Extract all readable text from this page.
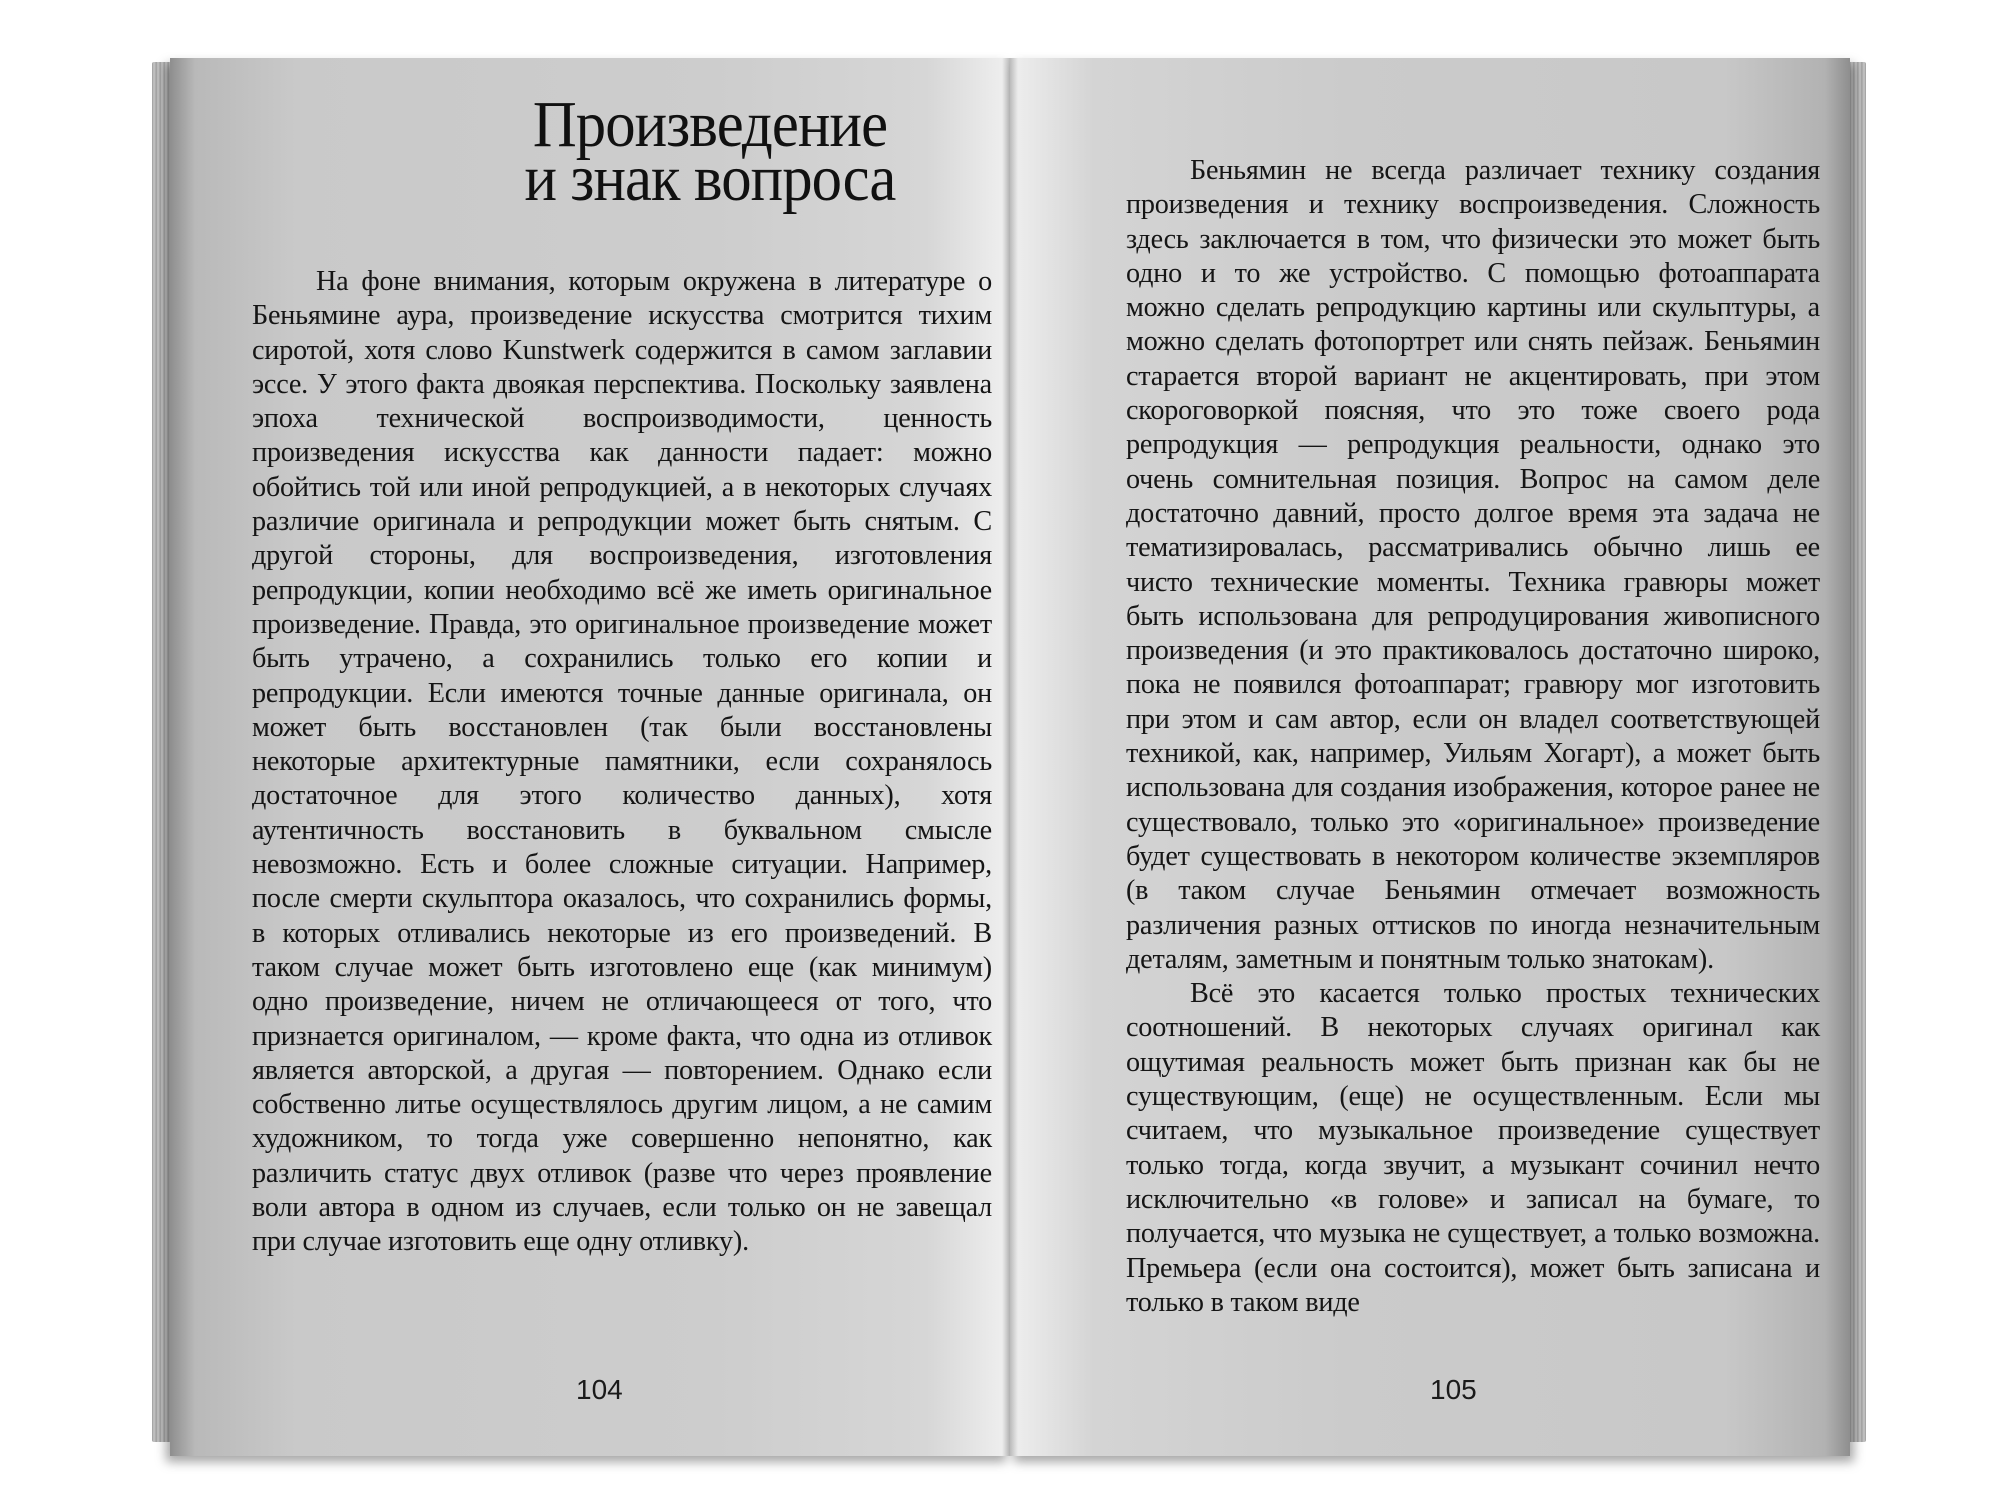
Произведение
и знак вопроса

На фоне внимания, которым окружена в литературе о Беньямине аура, произведение искусства смотрится тихим сиротой, хотя слово Kunstwerk содержится в самом заглавии эссе. У этого факта двоякая перспектива. Поскольку заявлена эпоха технической воспроизводимости, ценность произведения искусства как данности падает: можно обойтись той или иной репродукцией, а в некоторых случаях различие оригинала и репродукции может быть снятым. С другой стороны, для воспроизведения, изготовления репродукции, копии необходимо всё же иметь оригинальное произведение. Правда, это оригинальное произведение может быть утрачено, а сохранились только его копии и репродукции. Если имеются точные данные оригинала, он может быть восстановлен (так были восстановлены некоторые архитектурные памятники, если сохранялось достаточное для этого количество данных), хотя аутентичность восстановить в буквальном смысле невозможно. Есть и более сложные ситуации. Например, после смерти скульптора оказалось, что сохранились формы, в которых отливались некоторые из его произведений. В таком случае может быть изготовлено еще (как минимум) одно произведение, ничем не отличающееся от того, что признается оригиналом, — кроме факта, что одна из отливок является авторской, а другая — повторением. Однако если собственно литье осуществлялось другим лицом, а не самим художником, то тогда уже совершенно непонятно, как различить статус двух отливок (разве что через проявление воли автора в одном из случаев, если только он не завещал при случае изготовить еще одну отливку).

104

Беньямин не всегда различает технику создания произведения и технику воспроизведения. Сложность здесь заключается в том, что физически это может быть одно и то же устройство. С помощью фотоаппарата можно сделать репродукцию картины или скульптуры, а можно сделать фотопортрет или снять пейзаж. Беньямин старается второй вариант не акцентировать, при этом скороговоркой поясняя, что это тоже своего рода репродукция — репродукция реальности, однако это очень сомнительная позиция. Вопрос на самом деле достаточно давний, просто долгое время эта задача не тематизировалась, рассматривались обычно лишь ее чисто технические моменты. Техника гравюры может быть использована для репродуцирования живописного произведения (и это практиковалось достаточно широко, пока не появился фотоаппарат; гравюру мог изготовить при этом и сам автор, если он владел соответствующей техникой, как, например, Уильям Хогарт), а может быть использована для создания изображения, которое ранее не существовало, только это «оригинальное» произведение будет существовать в некотором количестве экземпляров (в таком случае Беньямин отмечает возможность различения разных оттисков по иногда незначительным деталям, заметным и понятным только знатокам).

Всё это касается только простых технических соотношений. В некоторых случаях оригинал как ощутимая реальность может быть признан как бы не существующим, (еще) не осуществленным. Если мы считаем, что музыкальное произведение существует только тогда, когда звучит, а музыкант сочинил нечто исключительно «в голове» и записал на бумаге, то получается, что музыка не существует, а только возможна. Премьера (если она состоится), может быть записана и только в таком виде

105
